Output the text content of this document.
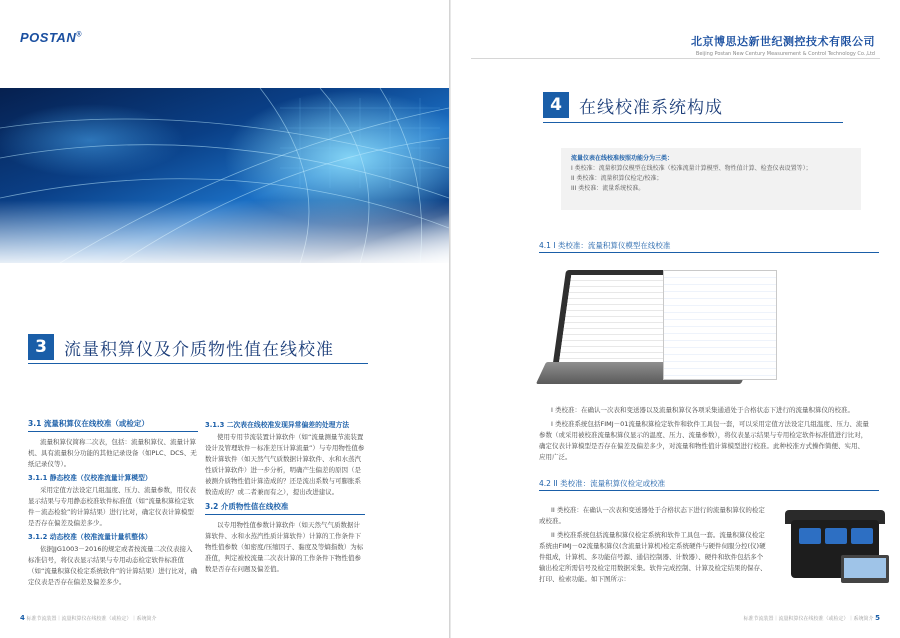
POSTAN®
3	流量积算仪及介质物性值在线校准
3.1 流量积算仪在线校准（或检定）

流量积算仪简称二次表，包括：流量积算仪、流量计算机、具有流量积分功能的其他记录设备（如PLC、DCS、无纸记录仪等）。

3.1.1 静态校准（仪校准流量计算模型）

采用定值方法设定几组温度、压力、流量参数，用仪表显示结果与专用静态校准软件标准值（如“流量积算检定软件－流态检验”的计算结果）进行比对，确定仪表计算模型是否存在偏差及偏差多少。

3.1.2 动态校准（校准流量计量机整体）

依据JJG1003－2016的规定或者按流量二次仪表接入标准信号，将仪表显示结果与专用动态检定软件标准值（如“流量积算仪检定系统软件”的计算结果）进行比对，确定仪表是否存在偏差及偏差多少。

3.1.3 二次表在线校准发现异常偏差的处理方法

使用专用节流装置计算软件（如“流量测量节流装置设计及管理软件－标准差压计算流量”）与专用物性值参数计算软件（如天然气气质数据计算软件、水和水蒸汽性质计算软件）进一步分析，明确产生偏差的原因（是被测介质物性值计算造成的？还是流出系数与可膨胀系数造成的？或二者兼而有之），提出改进建议。

3.2 介质物性值在线校准

以专用物性值参数计算软件（如天然气气质数据计算软件、水和水蒸汽性质计算软件）计算的工作条件下物性值参数（如密度/压缩因子、黏度及等熵指数）为标准值，判定被校流量二次表计算的工作条件下物性值参数是否存在问题及偏差值。

4 标准节流装置｜流量积算仪在线校准（或检定）｜系统简介
北京博思达新世纪测控技术有限公司
Beijing Postan New Century Measurement & Control Technology Co.,Ltd
4	在线校准系统构成
流量仪表在线校准按照功能分为三类：
I 类校准：流量积算仪模型在线校准（校准流量计算模型、物性值计算、检查仪表设置等）；
II 类校准：流量积算仪检定/校准；
III 类校准：流量系统校准。
4.1 I 类校准：流量积算仪模型在线校准

I 类校准：在确认一次表和变送器以及流量积算仪各项采集通道处于合格状态下进行的流量积算仪的校准。

I 类校准系统包括FIMJ－01流量积算检定软件和软件工具包一套，可以采用定值方法设定几组温度、压力、流量参数（或采用被校准流量积算仪显示的温度、压力、流量参数），将仪表显示结果与专用检定软件标准值进行比对，确定仪表计算模型是否存在偏差及偏差多少，对流量和物性值计算模型进行校准。此种校准方式操作简便、实用、应用广泛。

4.2 II 类校准：流量积算仪检定或校准

II 类校准：在确认一次表和变送器处于合格状态下进行的流量积算仪的检定或校准。

II 类校准系统包括流量积算仪检定系统和软件工具包一套。流量积算仪检定系统由FIMJ－02流量积算仪(含流量计算机)检定系统硬件与硬件伺服分控(仪)硬件组成，计算机、多功能信号源、通信控制器、计数器）、硬件和软件包括多个输出检定所需信号及检定用数据采集。软件完成控制、计算及检定结果的保存、打印、检索功能。如下图所示：

标准节流装置｜流量积算仪在线校准（或检定）｜系统简介 5
